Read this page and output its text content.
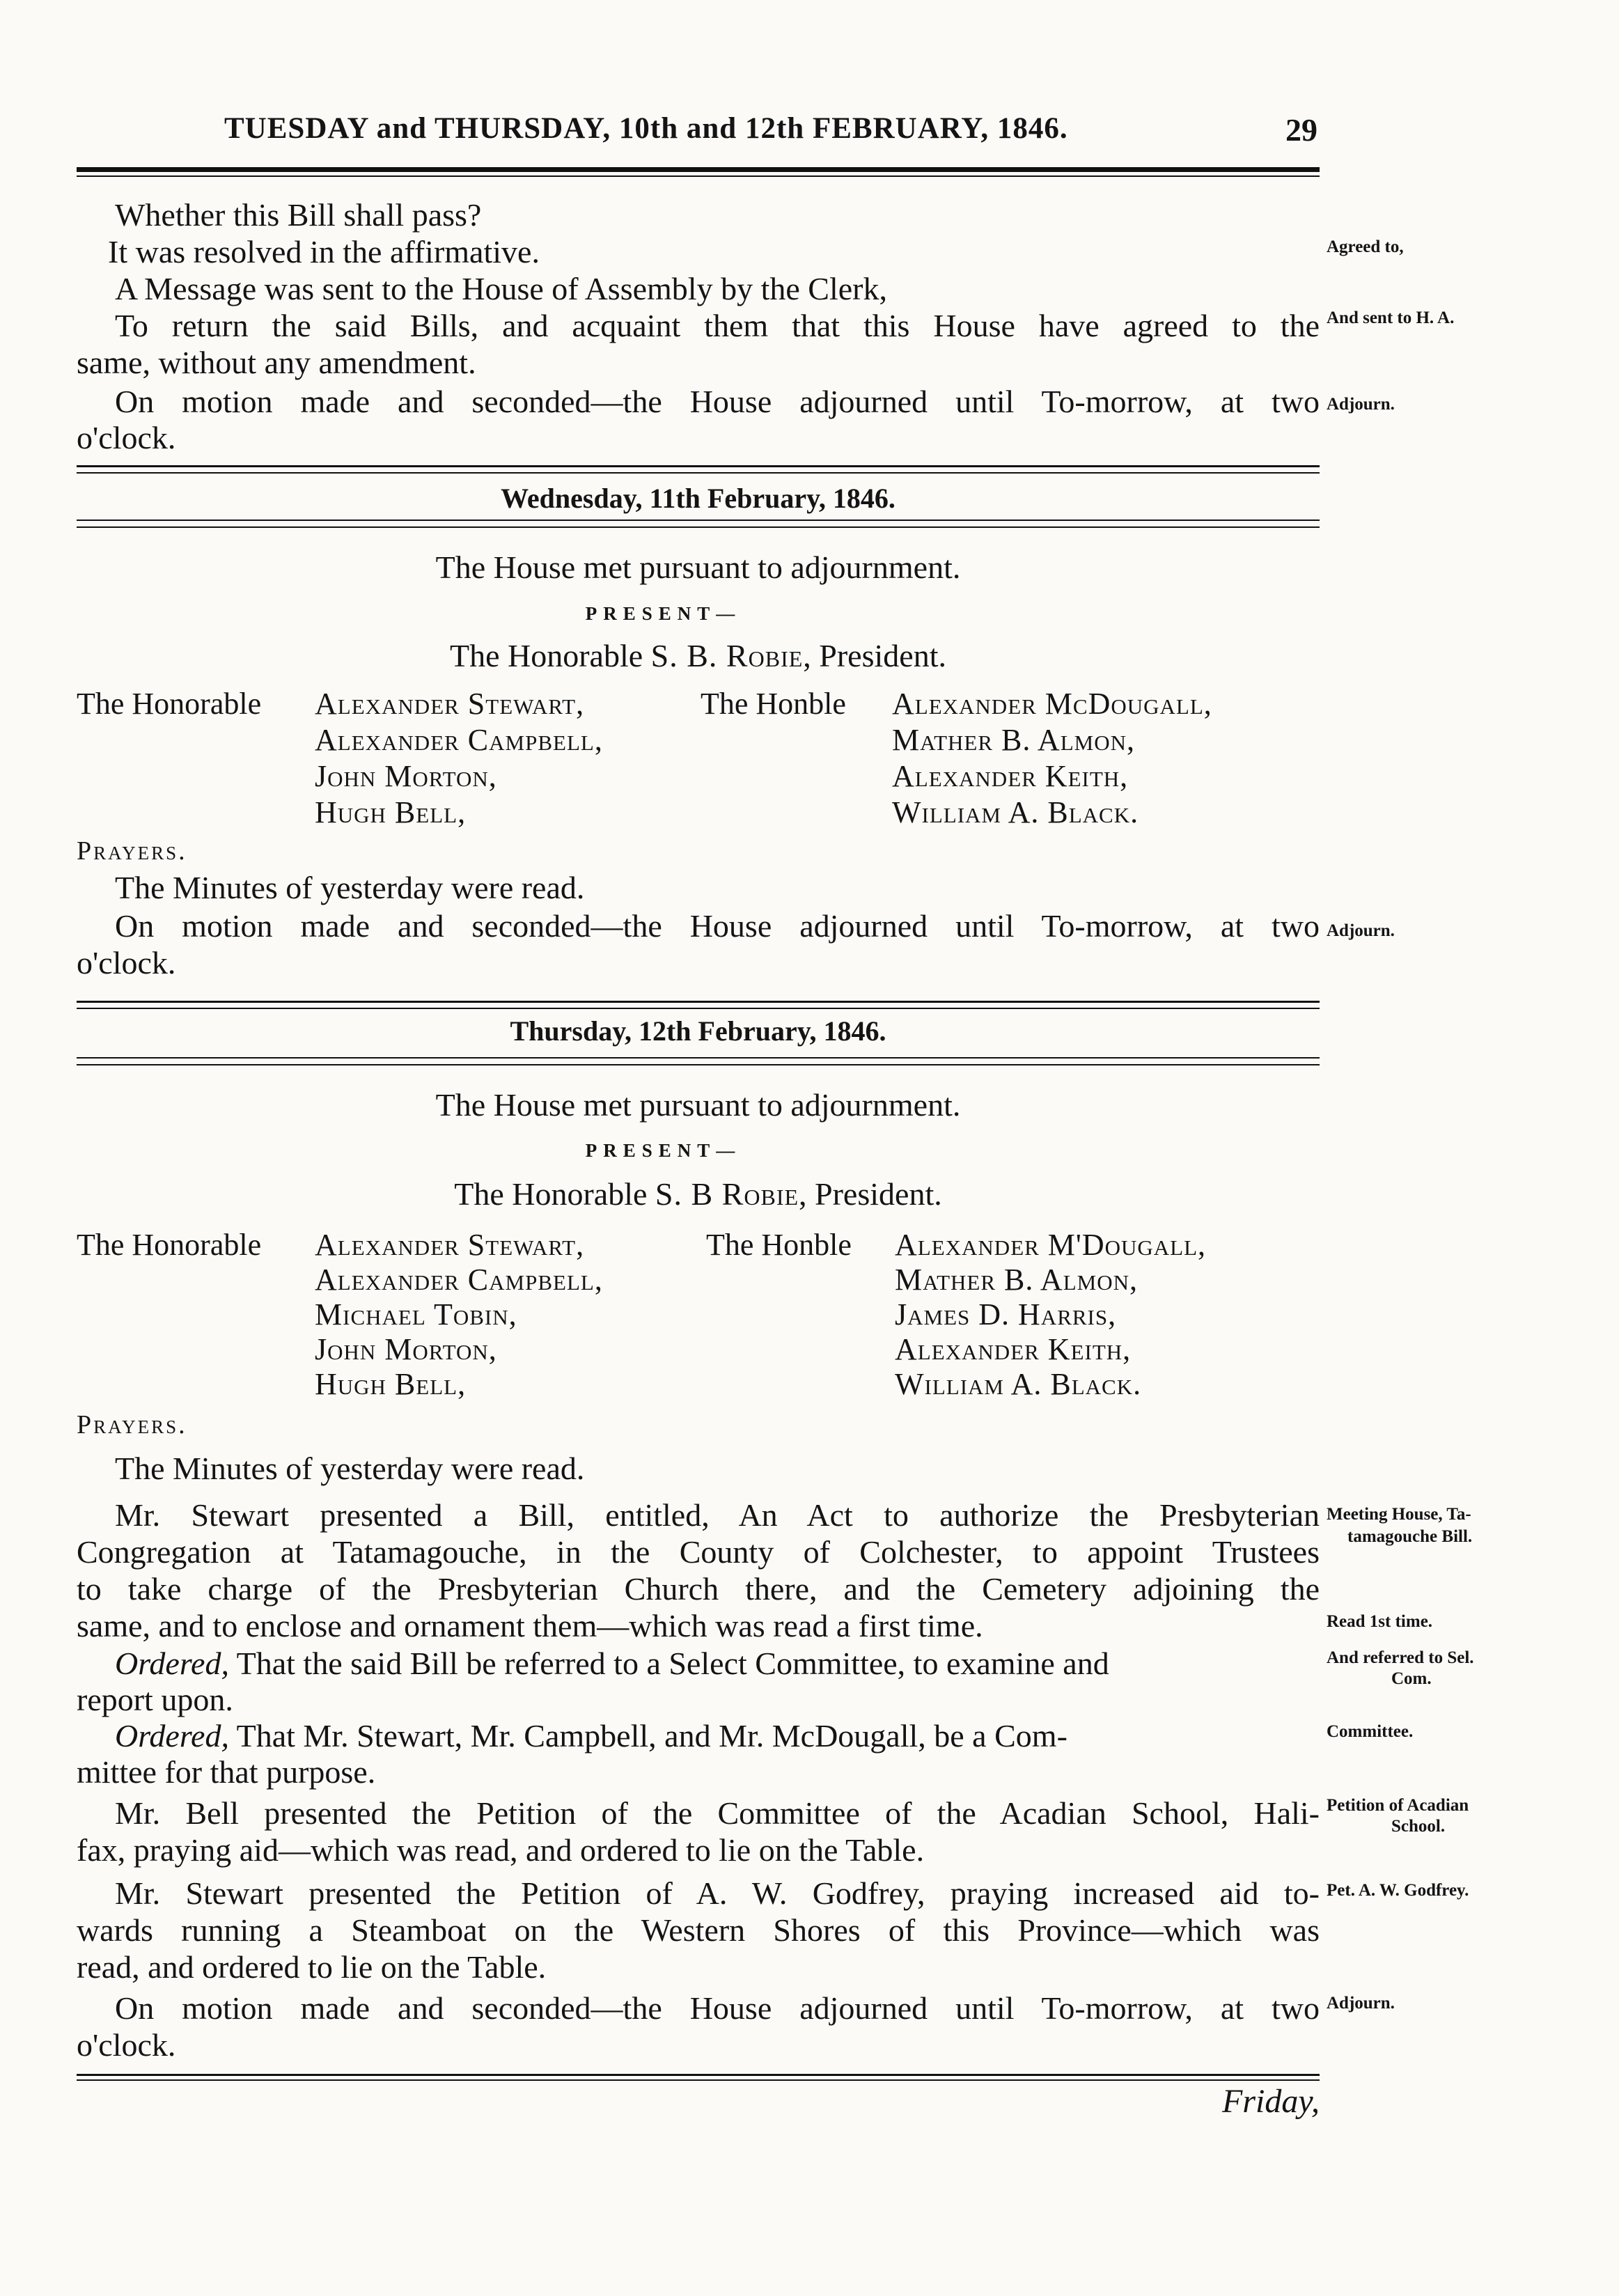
TUESDAY and THURSDAY, 10th and 12th FEBRUARY, 1846.	29
Whether this Bill shall pass?
It was resolved in the affirmative.
A Message was sent to the House of Assembly by the Clerk,
To return the said Bills, and acquaint them that this House have agreed to the
same, without any amendment.
On motion made and seconded—the House adjourned until To-morrow, at two
o'clock.
Agreed to,
And sent to H. A.
Adjourn.
Wednesday, 11th February, 1846.
The House met pursuant to adjournment.
PRESENT—
The Honorable S. B. Robie, President.
The Honorable Alexander Stewart,
Alexander Campbell,
John Morton,
Hugh Bell,
The Honble Alexander McDougall,
Mather B. Almon,
Alexander Keith,
William A. Black.
Prayers.
The Minutes of yesterday were read.
On motion made and seconded—the House adjourned until To-morrow, at two
o'clock.
Adjourn.
Thursday, 12th February, 1846.
The House met pursuant to adjournment.
PRESENT—
The Honorable S. B Robie, President.
The Honorable Alexander Stewart,
Alexander Campbell,
Michael Tobin,
John Morton,
Hugh Bell,
The Honble Alexander M'Dougall,
Mather B. Almon,
James D. Harris,
Alexander Keith,
William A. Black.
Prayers.
The Minutes of yesterday were read.
Mr. Stewart presented a Bill, entitled, An Act to authorize the Presbyterian
Congregation at Tatamagouche, in the County of Colchester, to appoint Trustees
to take charge of the Presbyterian Church there, and the Cemetery adjoining the
same, and to enclose and ornament them—which was read a first time.
Ordered, That the said Bill be referred to a Select Committee, to examine and
report upon.
Ordered, That Mr. Stewart, Mr. Campbell, and Mr. McDougall, be a Com-
mittee for that purpose.
Mr. Bell presented the Petition of the Committee of the Acadian School, Hali-
fax, praying aid—which was read, and ordered to lie on the Table.
Mr. Stewart presented the Petition of A. W. Godfrey, praying increased aid to-
wards running a Steamboat on the Western Shores of this Province—which was
read, and ordered to lie on the Table.
On motion made and seconded—the House adjourned until To-morrow, at two
o'clock.
Meeting House, Ta-
tamagouche Bill.
Read 1st time.
And referred to Sel.
Com.
Committee.
Petition of Acadian
School.
Pet. A. W. Godfrey.
Adjourn.
Friday,
